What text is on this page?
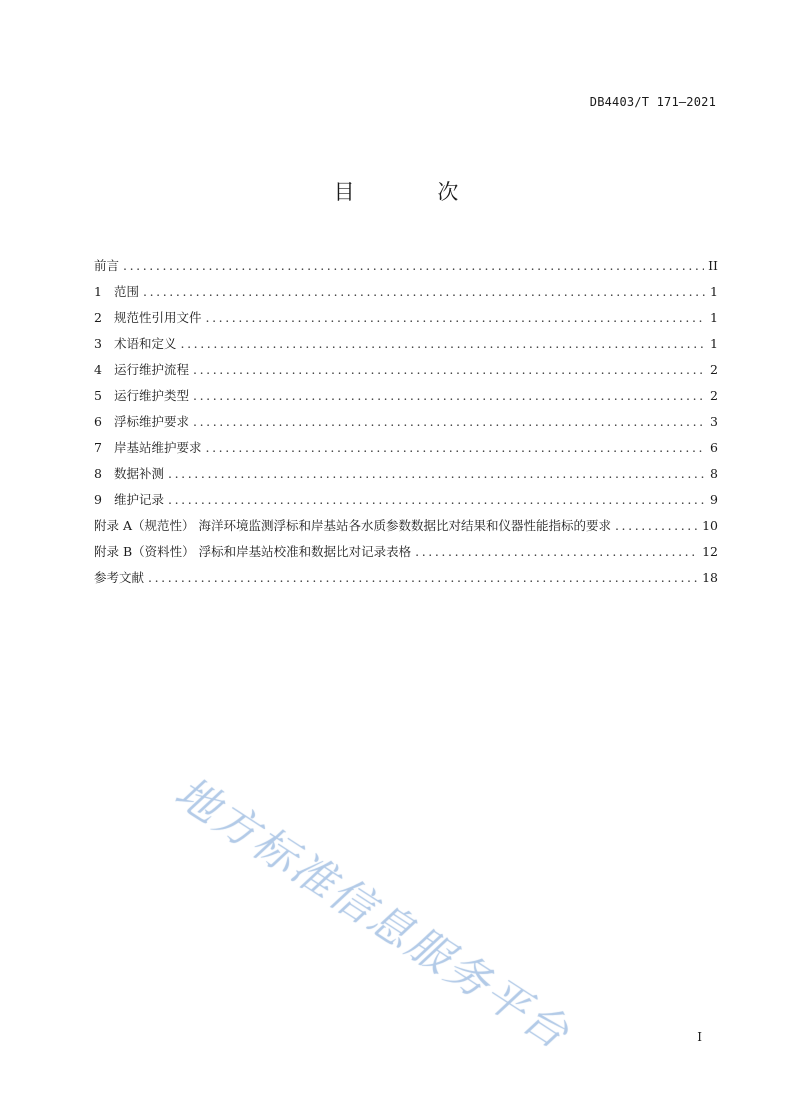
DB4403/T 171—2021
目 次
前言 .....	II
1 范围 .....	1
2 规范性引用文件 .....	1
3 术语和定义 .....	1
4 运行维护流程 .....	2
5 运行维护类型 .....	2
6 浮标维护要求 .....	3
7 岸基站维护要求 .....	6
8 数据补测 .....	8
9 维护记录 .....	9
附录 A（规范性） 海洋环境监测浮标和岸基站各水质参数数据比对结果和仪器性能指标的要求 .....	10
附录 B（资料性） 浮标和岸基站校准和数据比对记录表格 .....	12
参考文献 .....	18
地方标准信息服务平台	I
